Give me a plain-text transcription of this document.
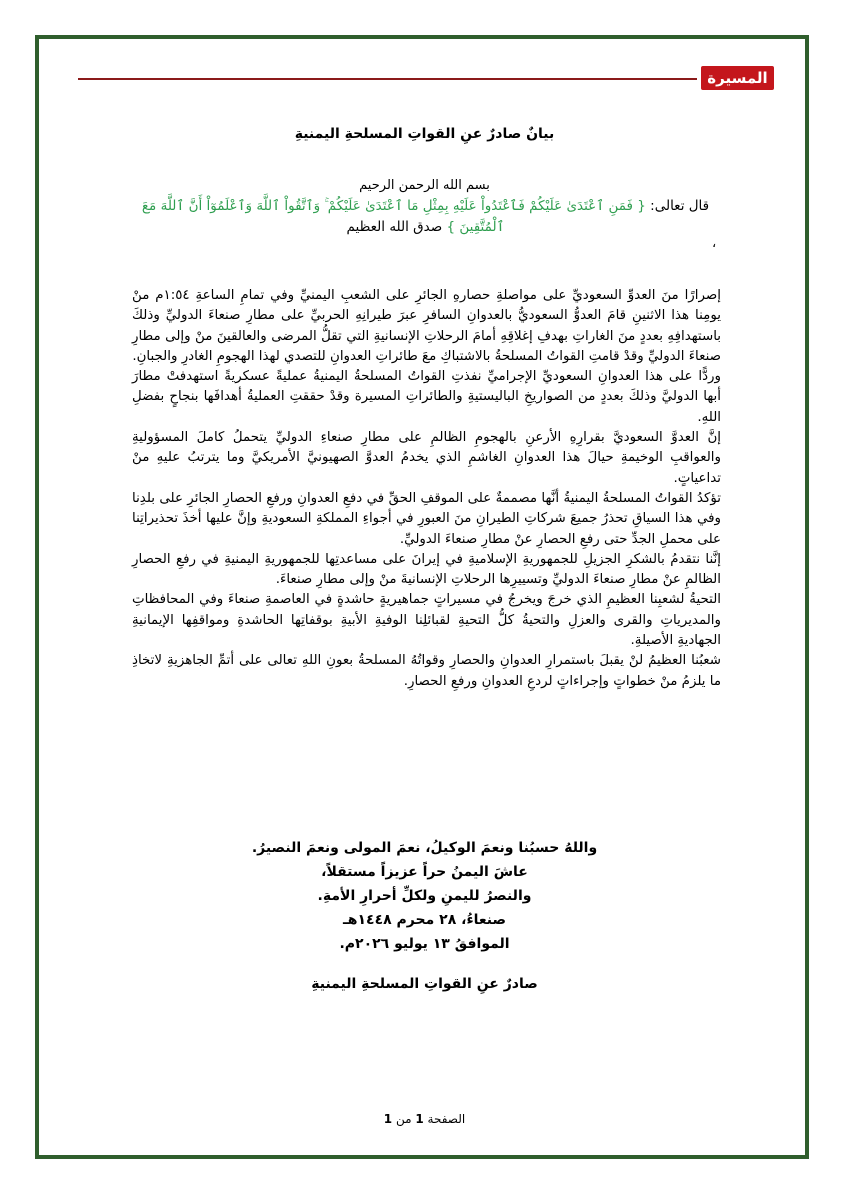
المسيرة
بيانٌ صادرٌ عنِ القواتِ المسلحةِ اليمنيةِ
بسم الله الرحمن الرحيم
قال تعالى: { فَمَنِ ٱعْتَدَىٰ عَلَيْكُمْ فَٱعْتَدُواْ عَلَيْهِ بِمِثْلِ مَا ٱعْتَدَىٰ عَلَيْكُمْ ۚ وَٱتَّقُواْ ٱللَّهَ وَٱعْلَمُوٓاْ أَنَّ ٱللَّهَ مَعَ ٱلْمُتَّقِينَ } صدق الله العظيم
،

إصرارًا منَ العدوِّ السعوديِّ على مواصلةِ حصارهِ الجائرِ على الشعبِ اليمنيِّ وفي تمامِ الساعةِ ١:٥٤م منْ يومِنا هذا الاثنينِ قامَ العدوُّ السعوديُّ بالعدوانِ السافرِ عبرَ طيرانِهِ الحربيِّ على مطارِ صنعاءَ الدوليِّ وذلكَ باستهدافِهِ بعددٍ منَ الغاراتِ بهدفِ إغلاقِهِ أمامَ الرحلاتِ الإنسانيةِ التي تقلُّ المرضى والعالقينَ منْ وإلى مطارِ صنعاءَ الدوليِّ وقدْ قامتِ القواتُ المسلحةُ بالاشتباكِ معَ طائراتِ العدوانِ للتصدي لهذا الهجومِ الغادرِ والجبانِ.

وردًّا على هذا العدوانِ السعوديِّ الإجراميِّ نفذتِ القواتُ المسلحةُ اليمنيةُ عمليةً عسكريةً استهدفتْ مطارَ أبها الدوليَّ وذلكَ بعددٍ من الصواريخِ الباليستيةِ والطائراتِ المسيرة وقدْ حققتِ العمليةُ أهدافَها بنجاحٍ بفضلِ اللهِ.

إنَّ العدوَّ السعوديَّ بقرارِهِ الأرعنِ بالهجومِ الظالمِ على مطارِ صنعاءِ الدوليِّ يتحملُ كاملَ المسؤوليةِ والعواقبِ الوخيمةِ حيالَ هذا العدوانِ الغاشمِ الذي يخدمُ العدوَّ الصهيونيَّ الأمريكيَّ وما يترتبُ عليهِ منْ تداعياتٍ.

تؤكدُ القواتُ المسلحةُ اليمنيةُ أنَّها مصممةٌ على الموقفِ الحقِّ في دفعِ العدوانِ ورفعِ الحصارِ الجائرِ على بلدِنا وفي هذا السياقِ تحذرُ جميعَ شركاتِ الطيرانِ منَ العبورِ في أجواءِ المملكةِ السعوديةِ وإنَّ عليها أخذَ تحذيراتِنا على محملِ الجدِّ حتى رفعِ الحصارِ عنْ مطارِ صنعاءَ الدوليِّ.

إنَّنا نتقدمُ بالشكرِ الجزيلِ للجمهوريةِ الإسلاميةِ في إيرانَ على مساعدتِها للجمهوريةِ اليمنيةِ في رفعِ الحصارِ الظالمِ عنْ مطارِ صنعاءَ الدوليِّ وتسييرِها الرحلاتِ الإنسانيةَ منْ وإلى مطارِ صنعاءَ.

التحيةُ لشعبِنا العظيمِ الذي خرجَ ويخرجُ في مسيراتٍ جماهيريةٍ حاشدةٍ في العاصمةِ صنعاءَ وفي المحافظاتِ والمديرياتِ والقرى والعزلِ والتحيةُ كلُّ التحيةِ لقبائلِنا الوفيةِ الأبيةِ بوقفاتِها الحاشدةِ ومواقفِها الإيمانيةِ الجهاديةِ الأصيلةِ.

شعبُنا العظيمُ لنْ يقبلَ باستمرارِ العدوانِ والحصارِ وقواتُهُ المسلحةُ بعونِ اللهِ تعالى على أتمِّ الجاهزيةِ لاتخاذِ ما يلزمُ منْ خطواتٍ وإجراءاتٍ لردعِ العدوانِ ورفعِ الحصارِ.

واللهُ حسبُنا ونعمَ الوكيلُ، نعمَ المولى ونعمَ النصيرُ.
عاشَ اليمنُ حراً عزيزاً مستقلاً،
والنصرُ لليمنِ ولكلِّ أحرارِ الأمةِ.
صنعاءُ، ٢٨ محرم ١٤٤٨هـ
الموافقُ ١٣ يوليو ٢٠٢٦م.
صادرٌ عنِ القواتِ المسلحةِ اليمنيةِ
الصفحة 1 من 1
